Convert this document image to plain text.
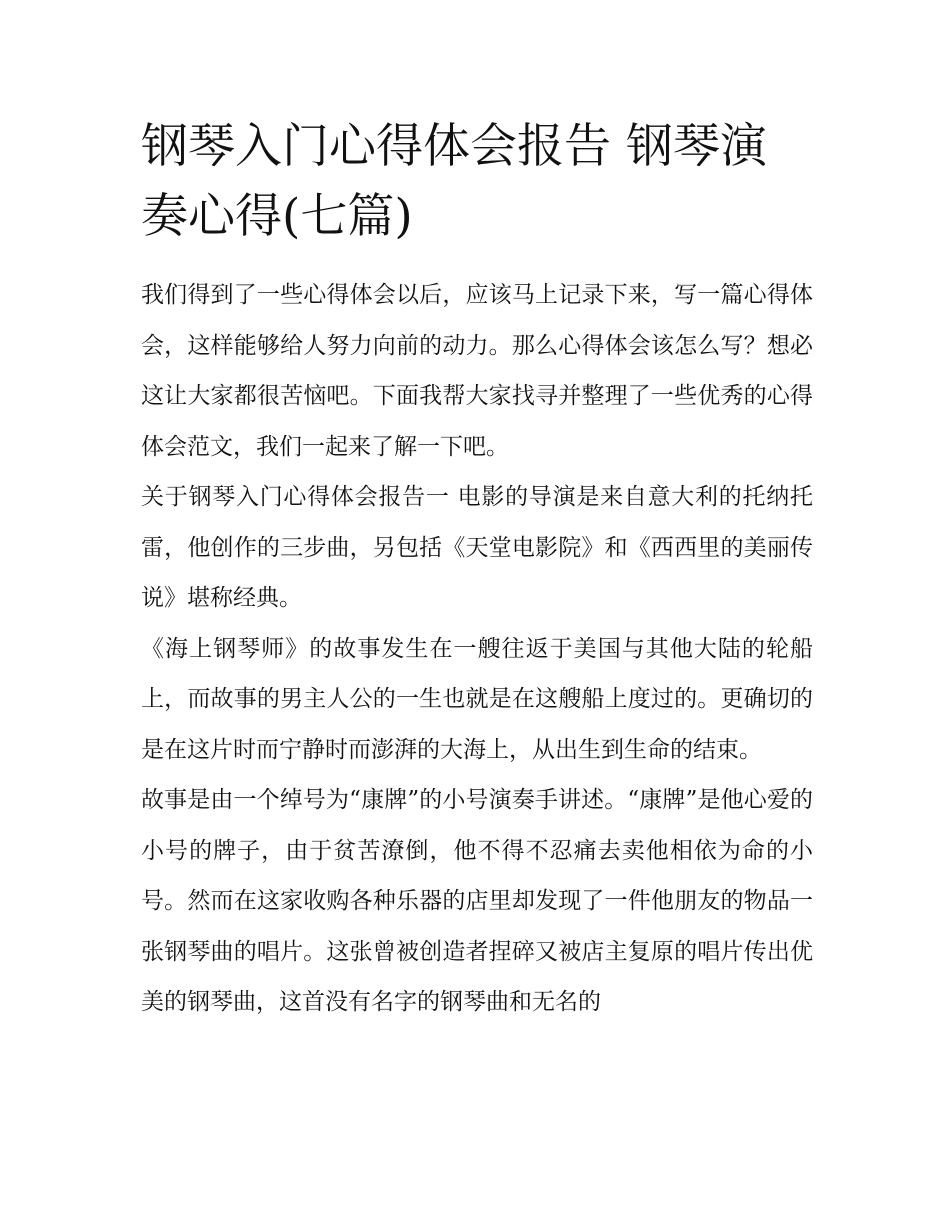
钢琴入门心得体会报告 钢琴演奏心得(七篇)

我们得到了一些心得体会以后，应该马上记录下来，写一篇心得体会，这样能够给人努力向前的动力。那么心得体会该怎么写？想必这让大家都很苦恼吧。下面我帮大家找寻并整理了一些优秀的心得体会范文，我们一起来了解一下吧。

关于钢琴入门心得体会报告一 电影的导演是来自意大利的托纳托雷，他创作的三步曲，另包括《天堂电影院》和《西西里的美丽传说》堪称经典。

《海上钢琴师》的故事发生在一艘往返于美国与其他大陆的轮船上，而故事的男主人公的一生也就是在这艘船上度过的。更确切的是在这片时而宁静时而澎湃的大海上，从出生到生命的结束。

故事是由一个绰号为“康牌”的小号演奏手讲述。“康牌”是他心爱的小号的牌子，由于贫苦潦倒，他不得不忍痛去卖他相依为命的小号。然而在这家收购各种乐器的店里却发现了一件他朋友的物品一张钢琴曲的唱片。这张曾被创造者捏碎又被店主复原的唱片传出优美的钢琴曲，这首没有名字的钢琴曲和无名的
